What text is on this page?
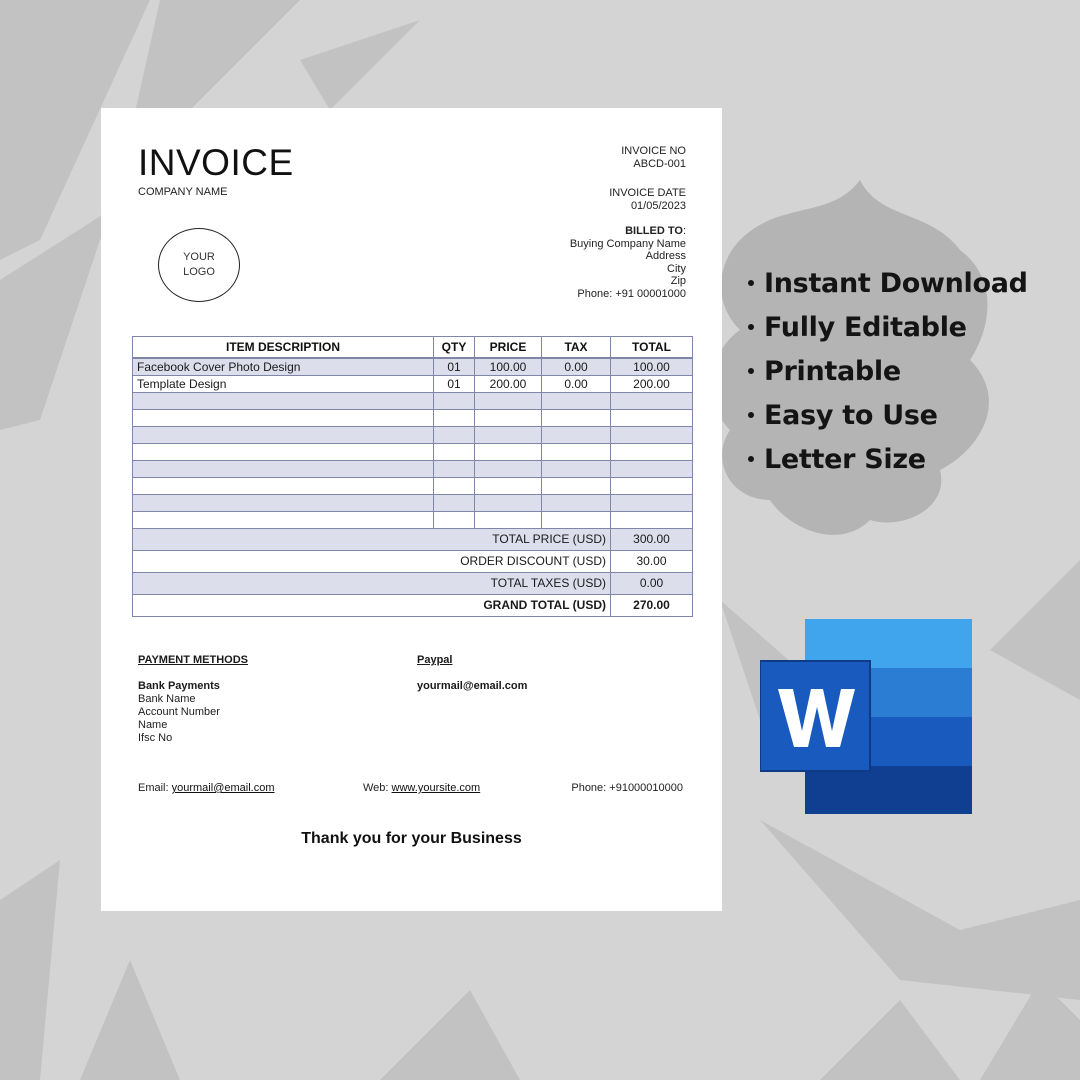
INVOICE
COMPANY NAME
YOUR
LOGO
INVOICE NO
ABCD-001
INVOICE DATE
01/05/2023
BILLED TO:
Buying Company Name
Address
City
Zip
Phone: +91 00001000
ITEM DESCRIPTION	QTY	PRICE	TAX	TOTAL
Facebook Cover Photo Design	01	100.00	0.00	100.00
Template Design	01	200.00	0.00	200.00

TOTAL PRICE (USD)				300.00
ORDER DISCOUNT (USD)				30.00
TOTAL TAXES (USD)				0.00
GRAND TOTAL (USD)				270.00
PAYMENT METHODS
Bank Payments
Bank Name
Account Number
Name
Ifsc No
Paypal
yourmail@email.com
Email: yourmail@email.com	Web: www.yoursite.com	Phone: +91000010000
Thank you for your Business
Instant Download
Fully Editable
Printable
Easy to Use
Letter Size
